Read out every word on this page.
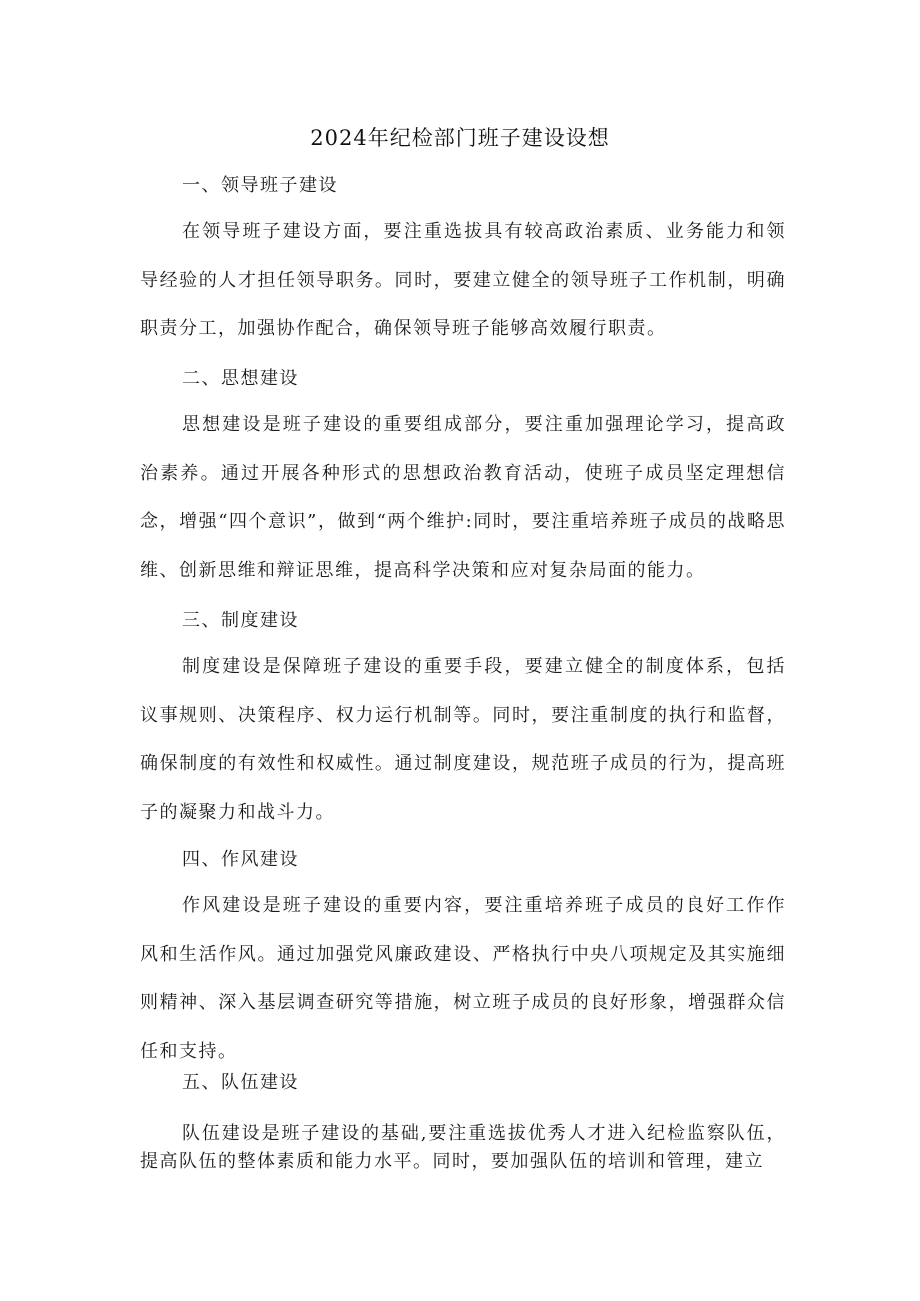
2024年纪检部门班子建设设想
一、领导班子建设
在领导班子建设方面，要注重选拔具有较高政治素质、业务能力和领导经验的人才担任领导职务。同时，要建立健全的领导班子工作机制，明确职责分工，加强协作配合，确保领导班子能够高效履行职责。
二、思想建设
思想建设是班子建设的重要组成部分，要注重加强理论学习，提高政治素养。通过开展各种形式的思想政治教育活动，使班子成员坚定理想信念，增强“四个意识”，做到“两个维护:同时，要注重培养班子成员的战略思维、创新思维和辩证思维，提高科学决策和应对复杂局面的能力。
三、制度建设
制度建设是保障班子建设的重要手段，要建立健全的制度体系，包括议事规则、决策程序、权力运行机制等。同时，要注重制度的执行和监督，确保制度的有效性和权威性。通过制度建设，规范班子成员的行为，提高班子的凝聚力和战斗力。
四、作风建设
作风建设是班子建设的重要内容，要注重培养班子成员的良好工作作风和生活作风。通过加强党风廉政建设、严格执行中央八项规定及其实施细则精神、深入基层调查研究等措施，树立班子成员的良好形象，增强群众信任和支持。
五、队伍建设
队伍建设是班子建设的基础,要注重选拔优秀人才进入纪检监察队伍，提高队伍的整体素质和能力水平。同时，要加强队伍的培训和管理，建立
